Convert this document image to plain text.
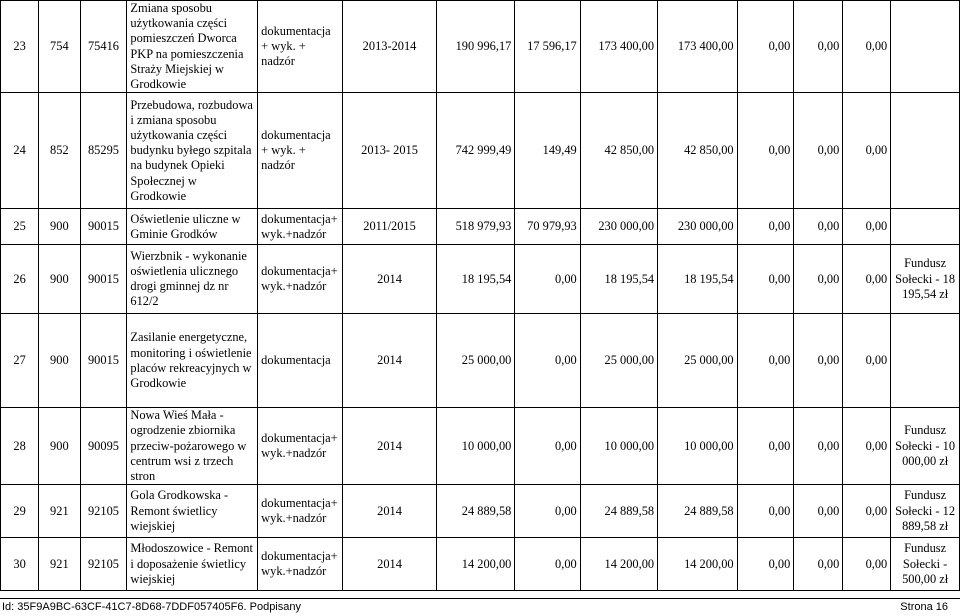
23	754	75416	Zmiana sposobu użytkowania części pomieszczeń Dworca PKP na pomieszczenia Straży Miejskiej w Grodkowie	dokumentacja + wyk. + nadzór	2013-2014	190 996,17	17 596,17	173 400,00	173 400,00	0,00	0,00	0,00	
24	852	85295	Przebudowa, rozbudowa i zmiana sposobu użytkowania części budynku byłego szpitala na budynek Opieki Społecznej w Grodkowie	dokumentacja + wyk. + nadzór	2013- 2015	742 999,49	149,49	42 850,00	42 850,00	0,00	0,00	0,00	
25	900	90015	Oświetlenie uliczne w Gminie Grodków	dokumentacja+ wyk.+nadzór	2011/2015	518 979,93	70 979,93	230 000,00	230 000,00	0,00	0,00	0,00	
26	900	90015	Wierzbnik - wykonanie oświetlenia ulicznego drogi gminnej dz nr 612/2	dokumentacja+ wyk.+nadzór	2014	18 195,54	0,00	18 195,54	18 195,54	0,00	0,00	0,00	Fundusz Sołecki - 18 195,54 zł
27	900	90015	Zasilanie energetyczne, monitoring i oświetlenie placów rekreacyjnych w Grodkowie	dokumentacja	2014	25 000,00	0,00	25 000,00	25 000,00	0,00	0,00	0,00	
28	900	90095	Nowa Wieś Mała - ogrodzenie zbiornika przeciw-pożarowego w centrum wsi z trzech stron	dokumentacja+ wyk.+nadzór	2014	10 000,00	0,00	10 000,00	10 000,00	0,00	0,00	0,00	Fundusz Sołecki - 10 000,00 zł
29	921	92105	Gola Grodkowska - Remont świetlicy wiejskiej	dokumentacja+ wyk.+nadzór	2014	24 889,58	0,00	24 889,58	24 889,58	0,00	0,00	0,00	Fundusz Sołecki - 12 889,58 zł
30	921	92105	Młodoszowice - Remont i doposażenie świetlicy wiejskiej	dokumentacja+ wyk.+nadzór	2014	14 200,00	0,00	14 200,00	14 200,00	0,00	0,00	0,00	Fundusz Sołecki - 500,00 zł
Id: 35F9A9BC-63CF-41C7-8D68-7DDF057405F6. Podpisany	Strona 16
